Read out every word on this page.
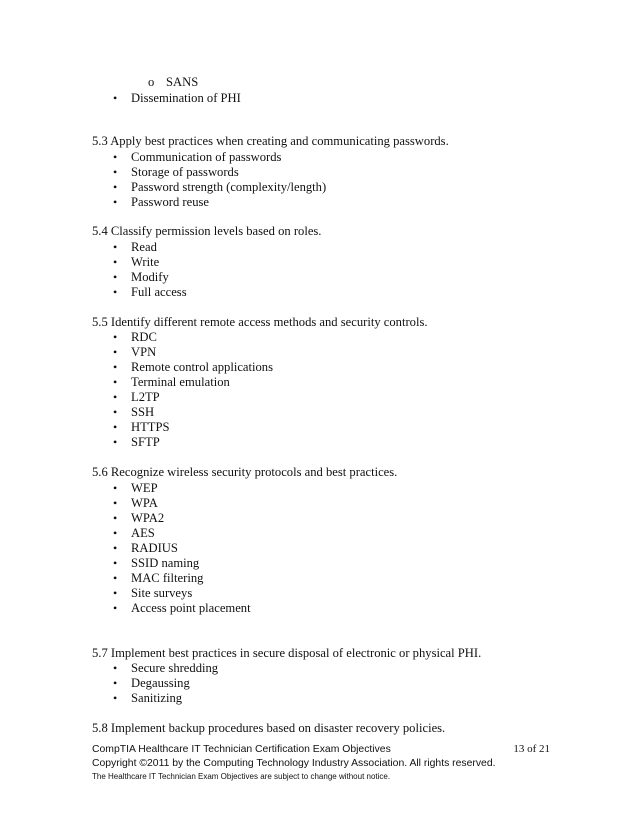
o SANS
• Dissemination of PHI
5.3 Apply best practices when creating and communicating passwords.
• Communication of passwords
• Storage of passwords
• Password strength (complexity/length)
• Password reuse
5.4 Classify permission levels based on roles.
• Read
• Write
• Modify
• Full access
5.5 Identify different remote access methods and security controls.
• RDC
• VPN
• Remote control applications
• Terminal emulation
• L2TP
• SSH
• HTTPS
• SFTP
5.6 Recognize wireless security protocols and best practices.
• WEP
• WPA
• WPA2
• AES
• RADIUS
• SSID naming
• MAC filtering
• Site surveys
• Access point placement
5.7 Implement best practices in secure disposal of electronic or physical PHI.
• Secure shredding
• Degaussing
• Sanitizing
5.8 Implement backup procedures based on disaster recovery policies.
CompTIA Healthcare IT Technician Certification Exam Objectives	13 of 21
Copyright ©2011 by the Computing Technology Industry Association. All rights reserved.
The Healthcare IT Technician Exam Objectives are subject to change without notice.
